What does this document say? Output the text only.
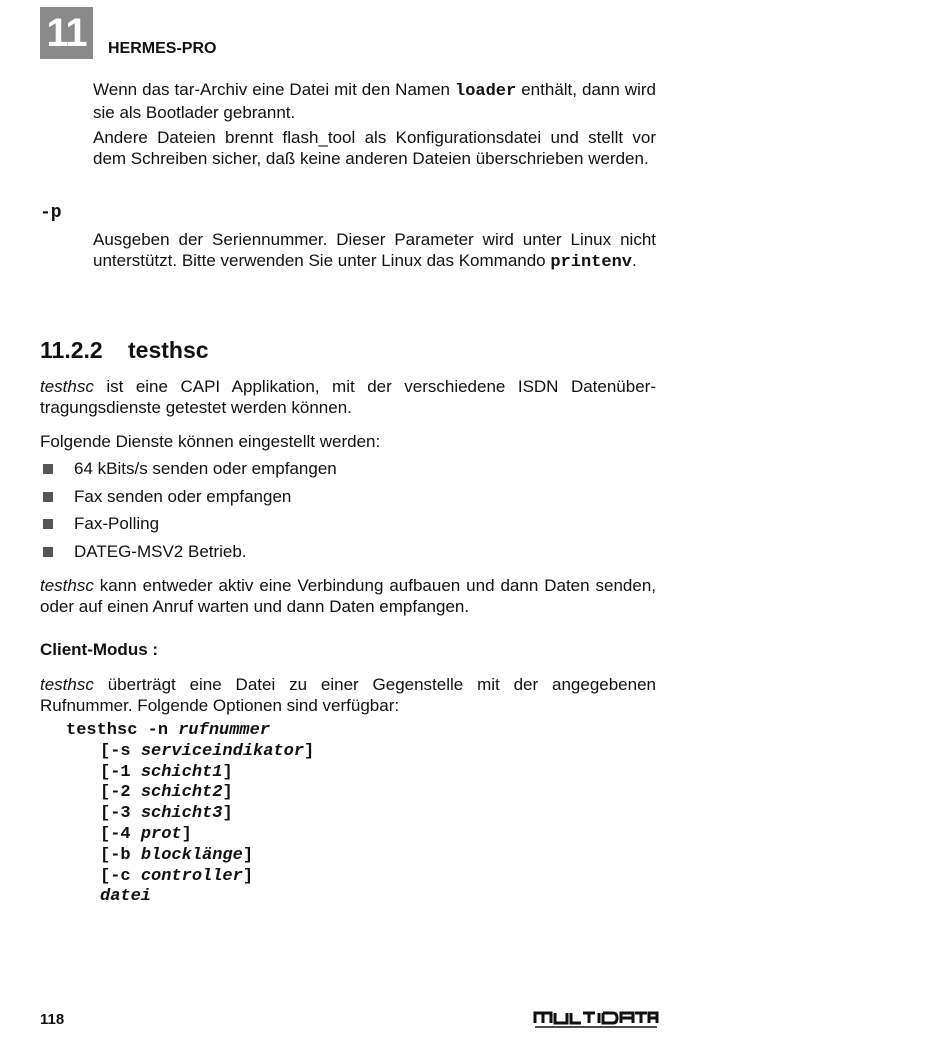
11	HERMES-PRO
Wenn das tar-Archiv eine Datei mit den Namen loader enthält, dann wird sie als Bootlader gebrannt.
Andere Dateien brennt flash_tool als Konfigurationsdatei und stellt vor dem Schreiben sicher, daß keine anderen Dateien überschrieben werden.
-p
Ausgeben der Seriennummer. Dieser Parameter wird unter Linux nicht unterstützt. Bitte verwenden Sie unter Linux das Kommando printenv.
11.2.2 testhsc
testhsc ist eine CAPI Applikation, mit der verschiedene ISDN Datenüber-tragungsdienste getestet werden können.
Folgende Dienste können eingestellt werden:
64 kBits/s senden oder empfangen
Fax senden oder empfangen
Fax-Polling
DATEG-MSV2 Betrieb.
testhsc kann entweder aktiv eine Verbindung aufbauen und dann Daten senden, oder auf einen Anruf warten und dann Daten empfangen.
Client-Modus :
testhsc überträgt eine Datei zu einer Gegenstelle mit der angegebenen Rufnummer. Folgende Optionen sind verfügbar:
testhsc -n rufnummer
[-s serviceindikator]
[-1 schicht1]
[-2 schicht2]
[-3 schicht3]
[-4 prot]
[-b blocklänge]
[-c controller]
datei
118
